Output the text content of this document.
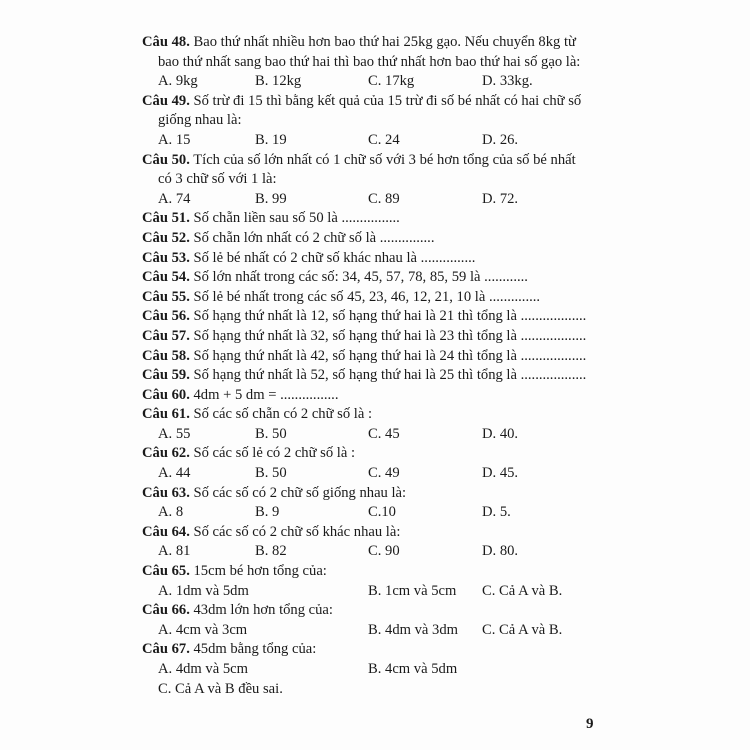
Câu 48. Bao thứ nhất nhiều hơn bao thứ hai 25kg gạo. Nếu chuyển 8kg từ
bao thứ nhất sang bao thứ hai thì bao thứ nhất hơn bao thứ hai số gạo là:
A. 9kg	B. 12kg	C. 17kg	D. 33kg.
Câu 49. Số trừ đi 15 thì bằng kết quả của 15 trừ đi số bé nhất có hai chữ số
giống nhau là:
A. 15	B. 19	C. 24	D. 26.
Câu 50. Tích của số lớn nhất có 1 chữ số với 3 bé hơn tổng của số bé nhất
có 3 chữ số với 1 là:
A. 74	B. 99	C. 89	D. 72.
Câu 51. Số chẵn liền sau số 50 là ................
Câu 52. Số chẵn lớn nhất có 2 chữ số là ...............
Câu 53. Số lẻ bé nhất có 2 chữ số khác nhau là ...............
Câu 54. Số lớn nhất trong các số: 34, 45, 57, 78, 85, 59 là ............
Câu 55. Số lẻ bé nhất trong các số 45, 23, 46, 12, 21, 10 là ..............
Câu 56. Số hạng thứ nhất là 12, số hạng thứ hai là 21 thì tổng là ..................
Câu 57. Số hạng thứ nhất là 32, số hạng thứ hai là 23 thì tổng là ..................
Câu 58. Số hạng thứ nhất là 42, số hạng thứ hai là 24 thì tổng là ..................
Câu 59. Số hạng thứ nhất là 52, số hạng thứ hai là 25 thì tổng là ..................
Câu 60. 4dm + 5 dm = ................
Câu 61. Số các số chẵn có 2 chữ số là :
A. 55	B. 50	C. 45	D. 40.
Câu 62. Số các số lẻ có 2 chữ số là :
A. 44	B. 50	C. 49	D. 45.
Câu 63. Số các số có 2 chữ số giống nhau là:
A. 8	B. 9	C.10	D. 5.
Câu 64. Số các số có 2 chữ số khác nhau là:
A. 81	B. 82	C. 90	D. 80.
Câu 65. 15cm bé hơn tổng của:
A. 1dm và 5dm	B. 1cm và 5cm C. Cả A và B.
Câu 66. 43dm lớn hơn tổng của:
A. 4cm và 3cm	B. 4dm và 3dm C. Cả A và B.
Câu 67. 45dm bằng tổng của:
A. 4dm và 5cm	B. 4cm và 5dm
C. Cả A và B đều sai.
9
